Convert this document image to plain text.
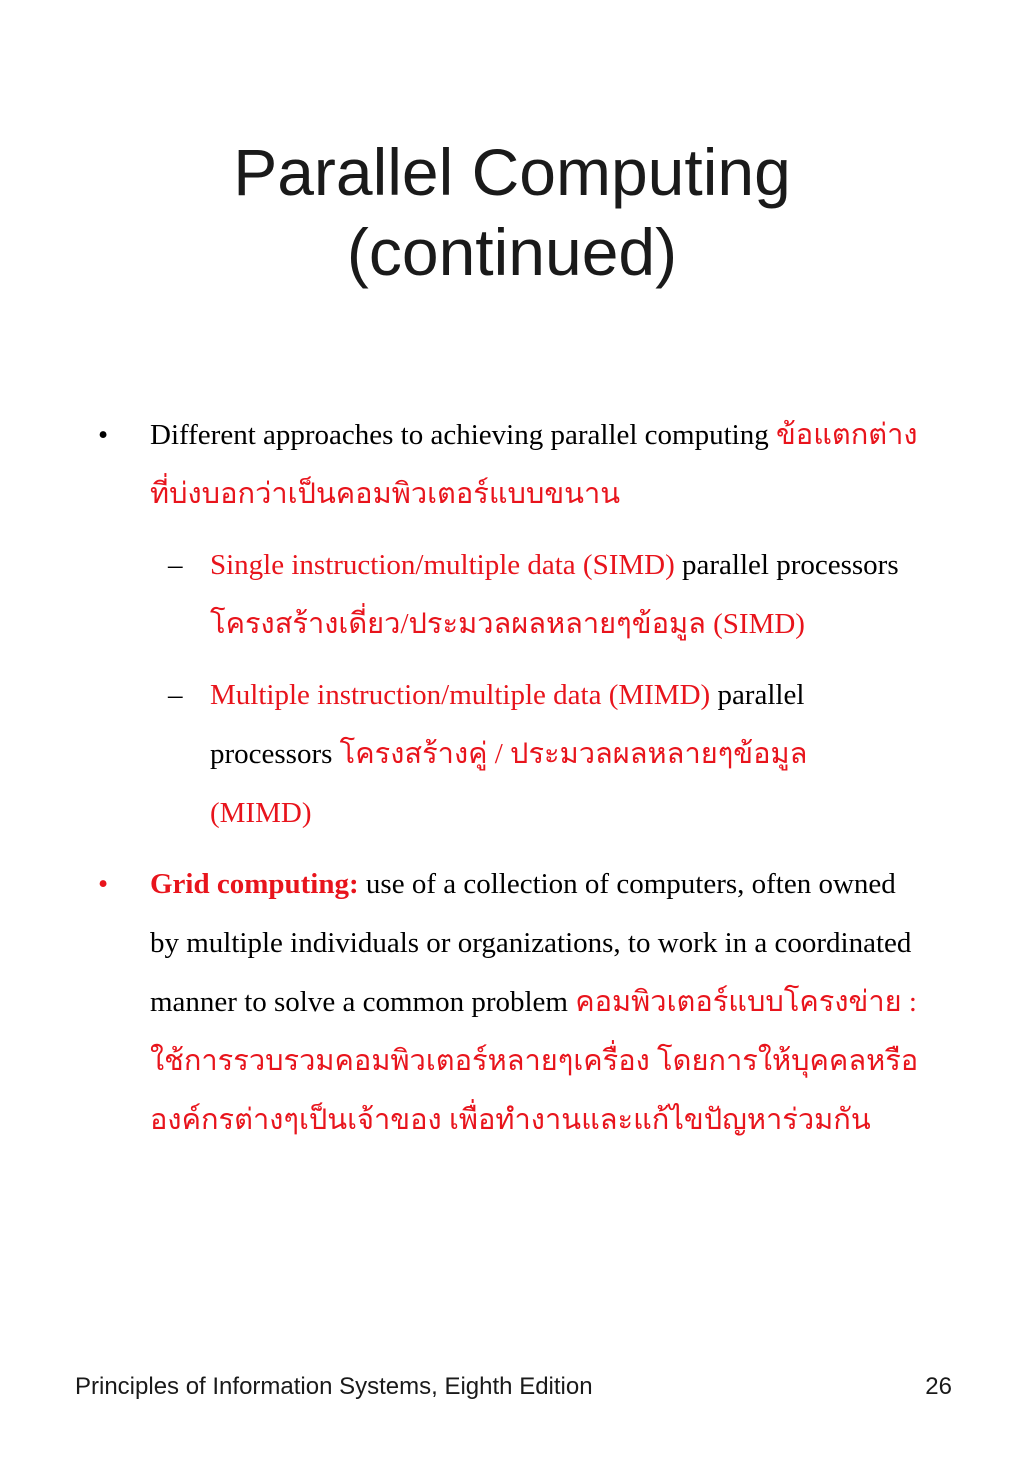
Parallel Computing
(continued)
•	Different approaches to achieving parallel computing ข้อแตกต่างที่บ่งบอกว่าเป็นคอมพิวเตอร์แบบขนาน
– Single instruction/multiple data (SIMD) parallel processors โครงสร้างเดี่ยว/ประมวลผลหลายๆข้อมูล (SIMD)
– Multiple instruction/multiple data (MIMD) parallel processors โครงสร้างคู่ / ประมวลผลหลายๆข้อมูล (MIMD)
•	Grid computing: use of a collection of computers, often owned by multiple individuals or organizations, to work in a coordinated manner to solve a common problem คอมพิวเตอร์แบบโครงข่าย : ใช้การรวบรวมคอมพิวเตอร์หลายๆเครื่อง โดยการให้บุคคลหรือองค์กรต่างๆเป็นเจ้าของ เพื่อทำงานและแก้ไขปัญหาร่วมกัน
Principles of Information Systems, Eighth Edition	26
